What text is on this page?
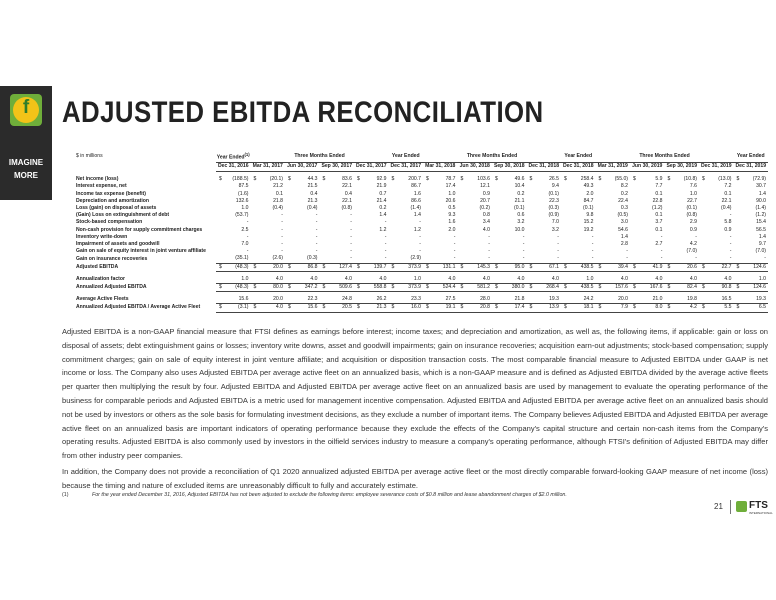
f
IMAGINE
MORE
ADJUSTED EBITDA RECONCILIATION
$ in millions	Year Ended$^{(1)}$	Three Months Ended				Year Ended	Three Months Ended				Year Ended	Three Months Ended				Year Ended
	Dec 31, 2016	Mar 31, 2017	Jun 30, 2017	Sep 30, 2017	Dec 31, 2017	Dec 31, 2017	Mar 31, 2018	Jun 30, 2018	Sep 30, 2018	Dec 31, 2018	Dec 31, 2018	Mar 31, 2019	Jun 30, 2019	Sep 30, 2019	Dec 31, 2019	Dec 31, 2019

Net income (loss)	$ (188.5)	$ (20.1)	$ 44.3	$ 83.6	$ 92.9	$ 200.7	$ 78.7	$ 103.6	$ 49.6	$ 26.5	$ 258.4	$ (55.0)	$ 5.9	$ (10.8)	$ (13.0)	$ (72.9)
Interest expense, net	87.5	21.2	21.5	22.1	21.9	86.7	17.4	12.1	10.4	9.4	49.3	8.2	7.7	7.6	7.2	30.7
Income tax expense (benefit)	(1.6)	0.1	0.4	0.4	0.7	1.6	1.0	0.9	0.2	(0.1)	2.0	0.2	0.1	1.0	0.1	1.4
Depreciation and amortization	132.6	21.8	21.3	22.1	21.4	86.6	20.6	20.7	21.1	22.3	84.7	22.4	22.8	22.7	22.1	90.0
Loss (gain) on disposal of assets	1.0	(0.4)	(0.4)	(0.8)	0.2	(1.4)	0.5	(0.2)	(0.1)	(0.3)	(0.1)	0.3	(1.2)	(0.1)	(0.4)	(1.4)
(Gain) Loss on extinguishment of debt	(53.7)	-	-	-	1.4	1.4	9.3	0.8	0.6	(0.9)	9.8	(0.5)	0.1	(0.8)	-	(1.2)
Stock-based compensation	-	-	-	-	-	-	1.6	3.4	3.2	7.0	15.2	3.0	3.7	2.9	5.8	15.4
Non-cash provision for supply commitment charges	2.5	-	-	-	1.2	1.2	2.0	4.0	10.0	3.2	19.2	54.6	0.1	0.9	0.9	56.5
Inventory write-down	-	-	-	-	-	-	-	-	-	-	-	1.4	-	-	-	1.4
Impairment of assets and goodwill	7.0	-	-	-	-	-	-	-	-	-	-	2.8	2.7	4.2	-	9.7
Gain on sale of equity interest in joint venture affiliate	-	-	-	-	-	-	-	-	-	-	-	-	-	(7.0)	-	(7.0)
Gain on insurance recoveries	(35.1)	(2.6)	(0.3)	-	-	(2.9)	-	-	-	-	-	-	-	-	-	-
Adjusted EBITDA	$ (48.3)	$ 20.0	$ 86.8	$ 127.4	$ 139.7	$ 373.9	$ 131.1	$ 145.3	$ 95.0	$ 67.1	$ 438.5	$ 39.4	$ 41.9	$ 20.6	$ 22.7	$ 124.6

Annualization factor	1.0	4.0	4.0	4.0	4.0	1.0	4.0	4.0	4.0	4.0	1.0	4.0	4.0	4.0	4.0	1.0
Annualized Adjusted EBITDA	$ (48.3)	$ 80.0	$ 347.2	$ 509.6	$ 558.8	$ 373.9	$ 524.4	$ 581.2	$ 380.0	$ 268.4	$ 438.5	$ 157.6	$ 167.6	$ 82.4	$ 90.8	$ 124.6

Average Active Fleets	15.6	20.0	22.3	24.8	26.2	23.3	27.5	28.0	21.8	19.3	24.2	20.0	21.0	19.8	16.5	19.3
Annualized Adjusted EBITDA / Average Active Fleet	$ (3.1)	$ 4.0	$ 15.6	$ 20.5	$ 21.3	$ 16.0	$ 19.1	$ 20.8	$ 17.4	$ 13.9	$ 18.1	$ 7.9	$ 8.0	$ 4.2	$ 5.5	$ 6.5

Adjusted EBITDA is a non-GAAP financial measure that FTSI defines as earnings before interest; income taxes; and depreciation and amortization, as well as, the following items, if applicable: gain or loss on disposal of assets; debt extinguishment gains or losses; inventory write downs, asset and goodwill impairments; gain on insurance recoveries; acquisition earn-out adjustments; stock-based compensation; supply commitment charges; gain on sale of equity interest in joint venture affiliate; and acquisition or disposition transaction costs. The most comparable financial measure to Adjusted EBITDA under GAAP is net income or loss. The Company also uses Adjusted EBITDA per average active fleet on an annualized basis, which is a non-GAAP measure and is defined as Adjusted EBITDA divided by the average active fleets per quarter then multiplying the result by four. Adjusted EBITDA and Adjusted EBITDA per average active fleet on an annualized basis are used by management to evaluate the operating performance of the business for comparable periods and Adjusted EBITDA is a metric used for management incentive compensation. Adjusted EBITDA and Adjusted EBITDA per average active fleet on an annualized basis should not be used by investors or others as the sole basis for formulating investment decisions, as they exclude a number of important items. The Company believes Adjusted EBITDA and Adjusted EBITDA per average active fleet on an annualized basis are important indicators of operating performance because they exclude the effects of the Company's capital structure and certain non-cash items from the Company's operating results. Adjusted EBITDA is also commonly used by investors in the oilfield services industry to measure a company's operating performance, although FTSI's definition of Adjusted EBITDA may differ from other industry peer companies.

In addition, the Company does not provide a reconciliation of Q1 2020 annualized adjusted EBITDA per average active fleet or the most directly comparable forward-looking GAAP measure of net income (loss) because the timing and nature of excluded items are unreasonably difficult to fully and accurately estimate.

(1)	For the year ended December 31, 2016, Adjusted EBITDA has not been adjusted to exclude the following items: employee severance costs of $0.8 million and lease abandonment charges of $2.0 million.

21	FTS
INTERNATIONAL
